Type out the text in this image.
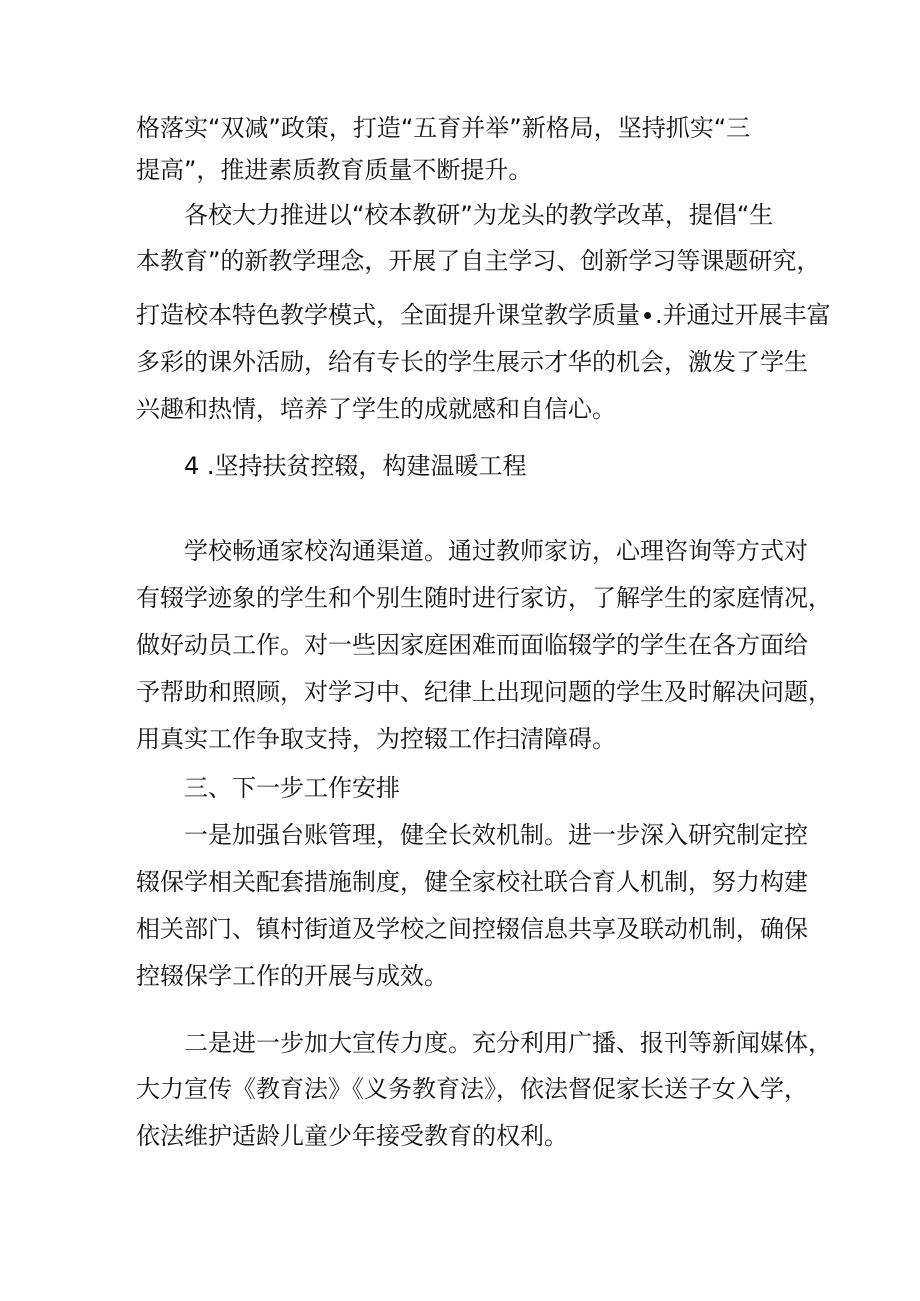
格落实“双减”政策，打造“五育并举”新格局，坚持抓实“三

提高”，推进素质教育质量不断提升。

各校大力推进以“校本教研”为龙头的教学改革，提倡“生

本教育”的新教学理念，开展了自主学习、创新学习等课题研究，

打造校本特色教学模式，全面提升课堂教学质量∙.并通过开展丰富

多彩的课外活励，给有专长的学生展示才华的机会，激发了学生

兴趣和热情，培养了学生的成就感和自信心。

4 .坚持扶贫控辍，构建温暖工程

学校畅通家校沟通渠道。通过教师家访，心理咨询等方式对

有辍学迹象的学生和个别生随时进行家访，了解学生的家庭情况，

做好动员工作。对一些因家庭困难而面临辍学的学生在各方面给

予帮助和照顾，对学习中、纪律上出现问题的学生及时解决问题，

用真实工作争取支持，为控辍工作扫清障碍。

三、下一步工作安排

一是加强台账管理，健全长效机制。进一步深入研究制定控

辍保学相关配套措施制度，健全家校社联合育人机制，努力构建

相关部门、镇村街道及学校之间控辍信息共享及联动机制，确保

控辍保学工作的开展与成效。

二是进一步加大宣传力度。充分利用广播、报刊等新闻媒体，

大力宣传《教育法》《义务教育法》，依法督促家长送子女入学，

依法维护适龄儿童少年接受教育的权利。
